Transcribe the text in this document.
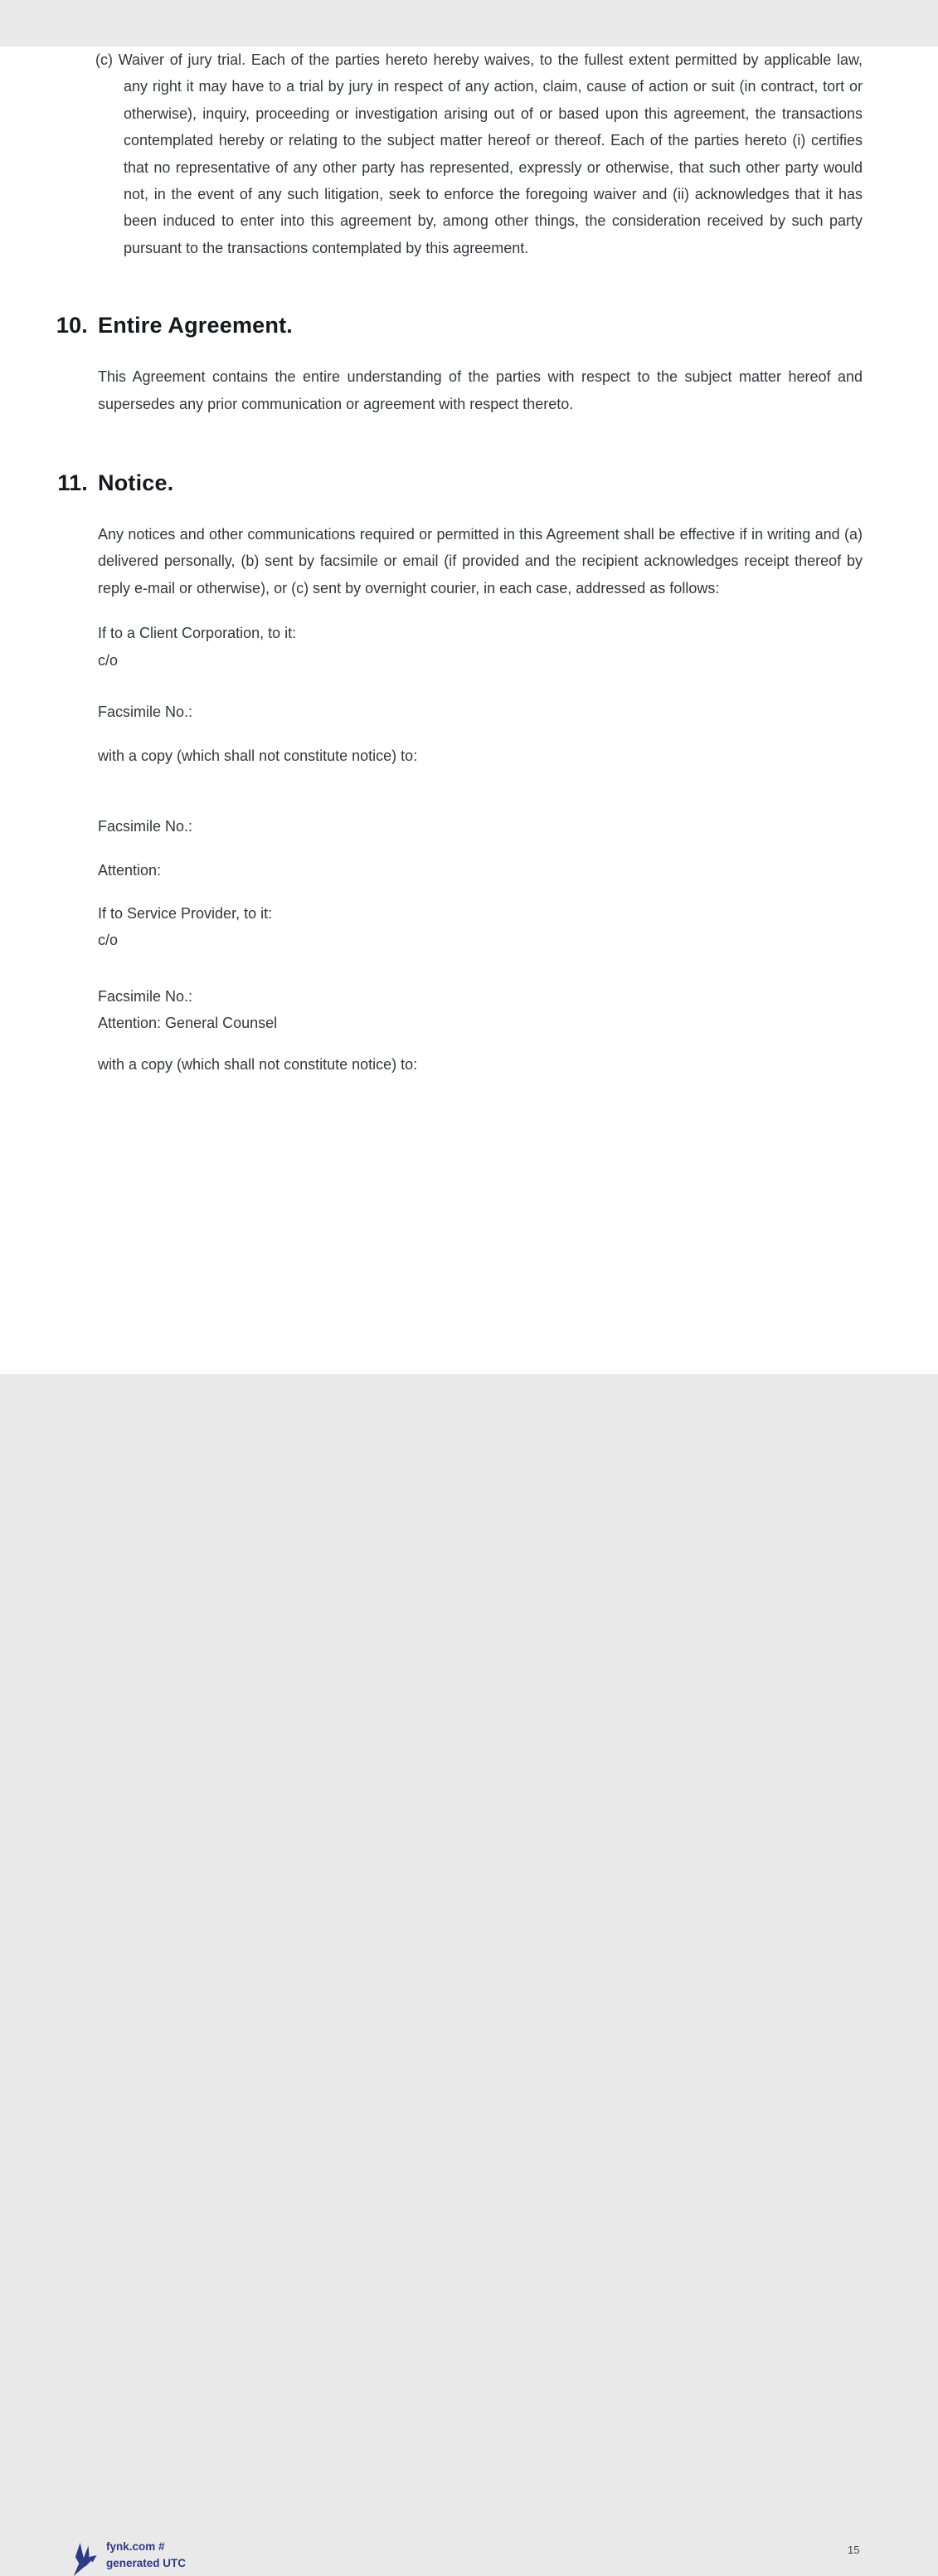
(c) Waiver of jury trial. Each of the parties hereto hereby waives, to the fullest extent permitted by applicable law, any right it may have to a trial by jury in respect of any action, claim, cause of action or suit (in contract, tort or otherwise), inquiry, proceeding or investigation arising out of or based upon this agreement, the transactions contemplated hereby or relating to the subject matter hereof or thereof. Each of the parties hereto (i) certifies that no representative of any other party has represented, expressly or otherwise, that such other party would not, in the event of any such litigation, seek to enforce the foregoing waiver and (ii) acknowledges that it has been induced to enter into this agreement by, among other things, the consideration received by such party pursuant to the transactions contemplated by this agreement.

10. Entire Agreement.

This Agreement contains the entire understanding of the parties with respect to the subject matter hereof and supersedes any prior communication or agreement with respect thereto.

11. Notice.

Any notices and other communications required or permitted in this Agreement shall be effective if in writing and (a) delivered personally, (b) sent by facsimile or email (if provided and the recipient acknowledges receipt thereof by reply e-mail or otherwise), or (c) sent by overnight courier, in each case, addressed as follows:

If to a Client Corporation, to it:

c/o

Facsimile No.:

with a copy (which shall not constitute notice) to:

Facsimile No.:

Attention:

If to Service Provider, to it:

c/o

Facsimile No.:

Attention: General Counsel

with a copy (which shall not constitute notice) to:

fynk.com #
generated UTC
15
